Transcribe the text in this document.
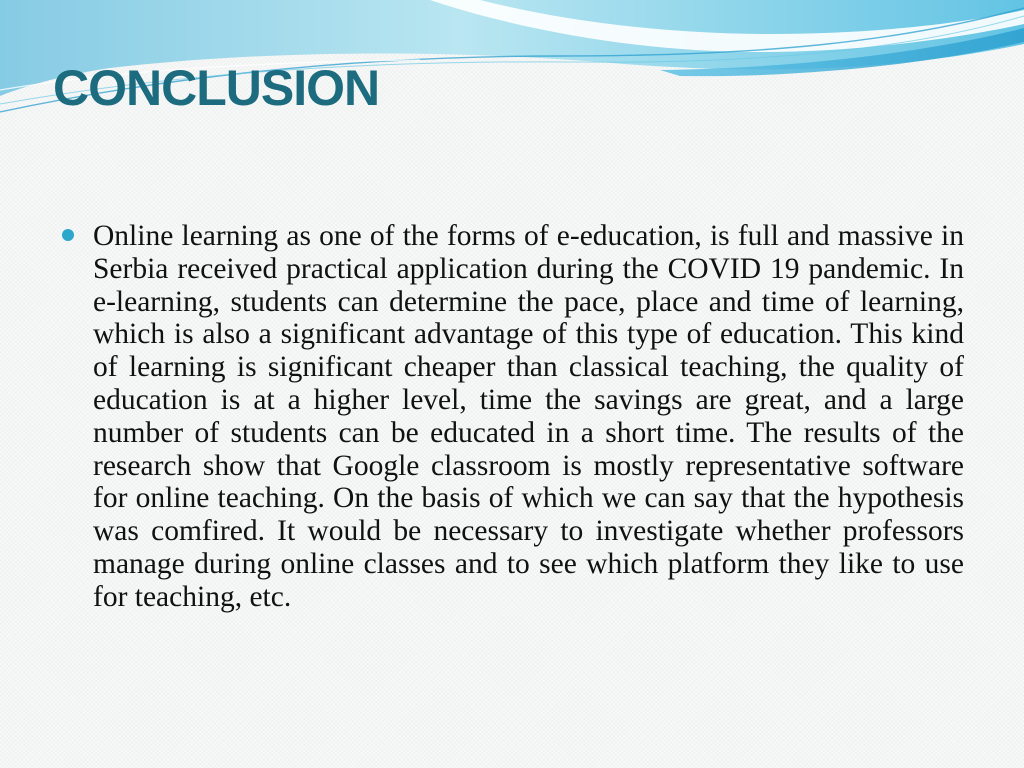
CONCLUSION

Online learning as one of the forms of e-education, is full and massive in Serbia received practical application during the COVID 19 pandemic. In e-learning, students can determine the pace, place and time of learning, which is also a significant advantage of this type of education. This kind of learning is significant cheaper than classical teaching, the quality of education is at a higher level, time the savings are great, and a large number of students can be educated in a short time. The results of the research show that Google classroom is mostly representative software for online teaching. On the basis of which we can say that the hypothesis was comfired. It would be necessary to investigate whether professors manage during online classes and to see which platform they like to use for teaching, etc.
